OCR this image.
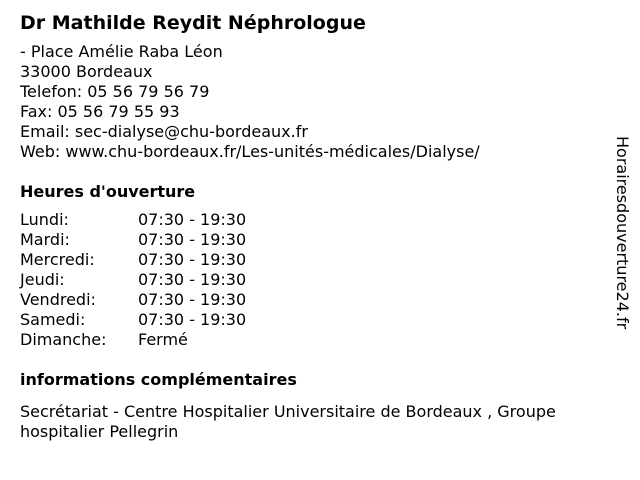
Dr Mathilde Reydit Néphrologue
- Place Amélie Raba Léon
33000 Bordeaux
Telefon: 05 56 79 56 79
Fax: 05 56 79 55 93
Email: sec-dialyse@chu-bordeaux.fr
Web: www.chu-bordeaux.fr/Les-unités-médicales/Dialyse/
Heures d'ouverture
Lundi:	07:30 - 19:30
Mardi:	07:30 - 19:30
Mercredi:	07:30 - 19:30
Jeudi:	07:30 - 19:30
Vendredi:	07:30 - 19:30
Samedi:	07:30 - 19:30
Dimanche:	Fermé
informations complémentaires
Secrétariat - Centre Hospitalier Universitaire de Bordeaux , Groupe hospitalier Pellegrin
Horairesdouverture24.fr
